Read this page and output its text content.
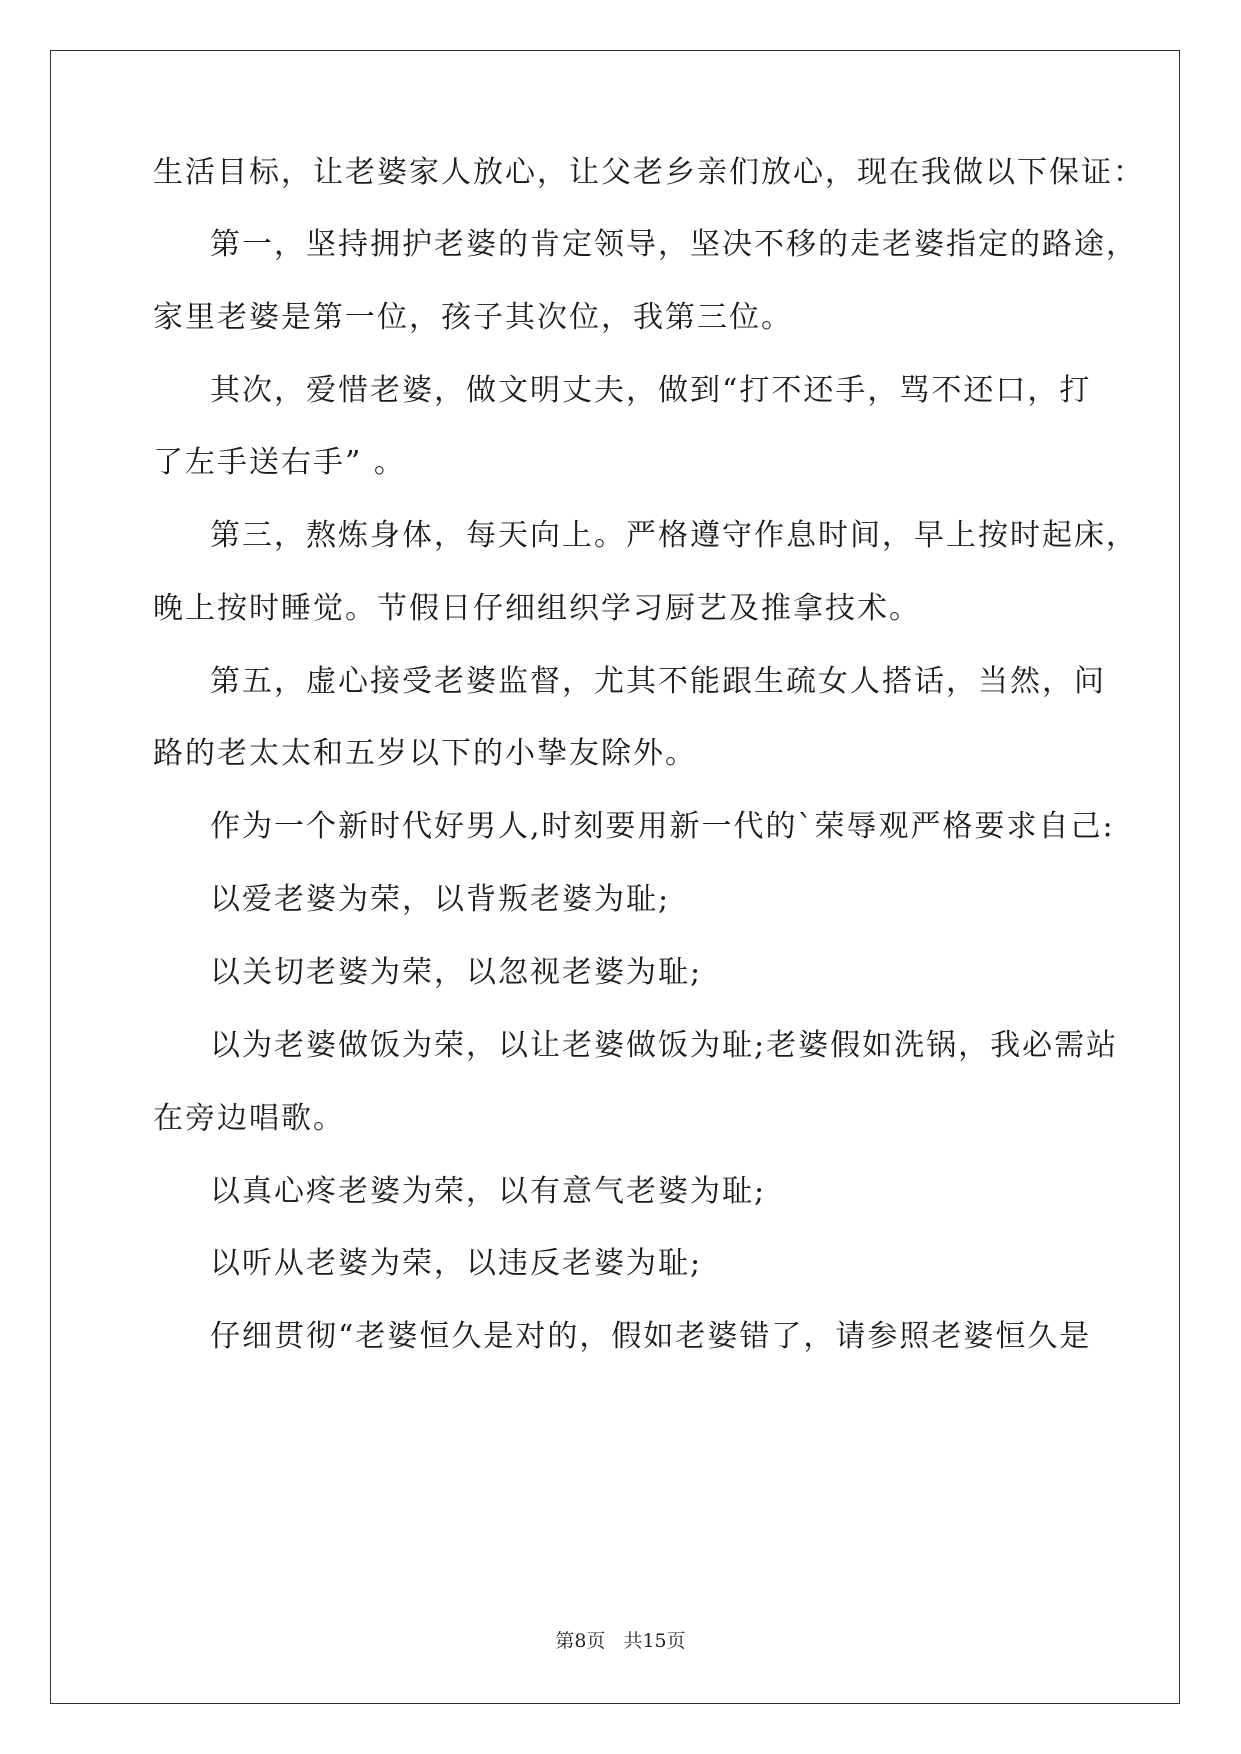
生活目标，让老婆家人放心，让父老乡亲们放心，现在我做以下保证：
第一，坚持拥护老婆的肯定领导，坚决不移的走老婆指定的路途，
家里老婆是第一位，孩子其次位，我第三位。
其次，爱惜老婆，做文明丈夫，做到“打不还手，骂不还口，打
了左手送右手” 。
第三，熬炼身体，每天向上。严格遵守作息时间，早上按时起床，
晚上按时睡觉。节假日仔细组织学习厨艺及推拿技术。
第五，虚心接受老婆监督，尤其不能跟生疏女人搭话，当然，问
路的老太太和五岁以下的小挚友除外。
作为一个新时代好男人,时刻要用新一代的`荣辱观严格要求自己:
以爱老婆为荣，以背叛老婆为耻;
以关切老婆为荣，以忽视老婆为耻;
以为老婆做饭为荣，以让老婆做饭为耻;老婆假如洗锅，我必需站
在旁边唱歌。
以真心疼老婆为荣，以有意气老婆为耻;
以听从老婆为荣，以违反老婆为耻;
仔细贯彻“老婆恒久是对的，假如老婆错了，请参照老婆恒久是
第8页 共15页
